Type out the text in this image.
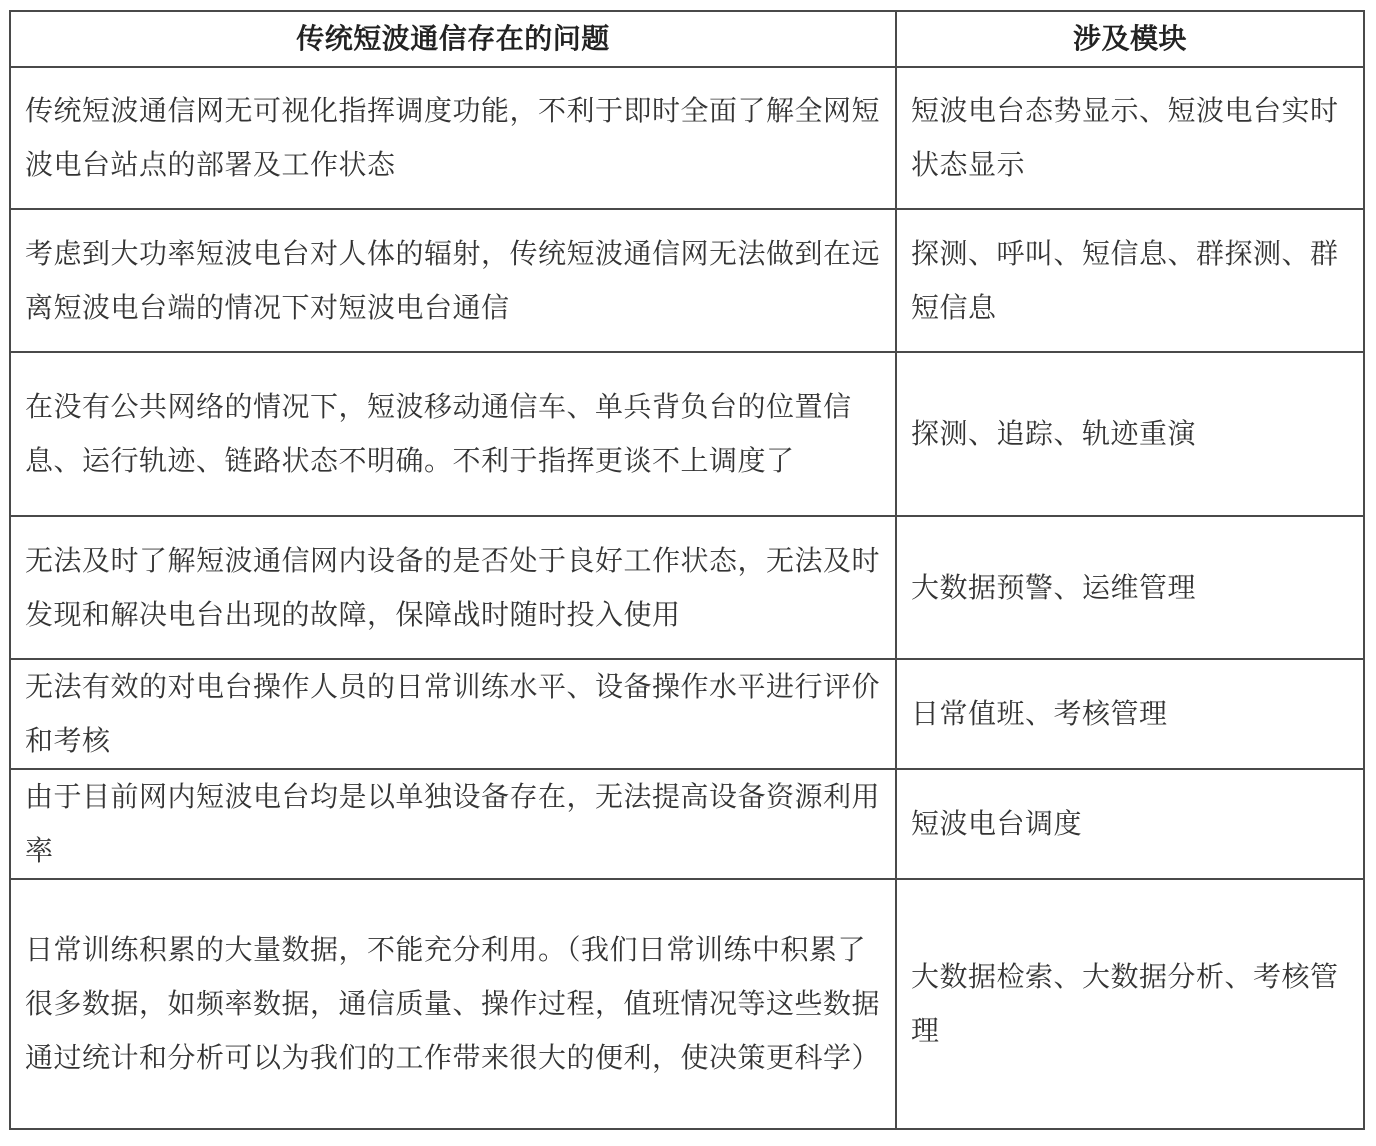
传统短波通信存在的问题	涉及模块
传统短波通信网无可视化指挥调度功能，不利于即时全面了解全网短波电台站点的部署及工作状态	短波电台态势显示、短波电台实时状态显示
考虑到大功率短波电台对人体的辐射，传统短波通信网无法做到在远离短波电台端的情况下对短波电台通信	探测、呼叫、短信息、群探测、群短信息
在没有公共网络的情况下，短波移动通信车、单兵背负台的位置信息、运行轨迹、链路状态不明确。不利于指挥更谈不上调度了	探测、追踪、轨迹重演
无法及时了解短波通信网内设备的是否处于良好工作状态，无法及时发现和解决电台出现的故障，保障战时随时投入使用	大数据预警、运维管理
无法有效的对电台操作人员的日常训练水平、设备操作水平进行评价和考核	日常值班、考核管理
由于目前网内短波电台均是以单独设备存在，无法提高设备资源利用率	短波电台调度
日常训练积累的大量数据，不能充分利用。（我们日常训练中积累了很多数据，如频率数据，通信质量、操作过程，值班情况等这些数据通过统计和分析可以为我们的工作带来很大的便利，使决策更科学）	大数据检索、大数据分析、考核管理
